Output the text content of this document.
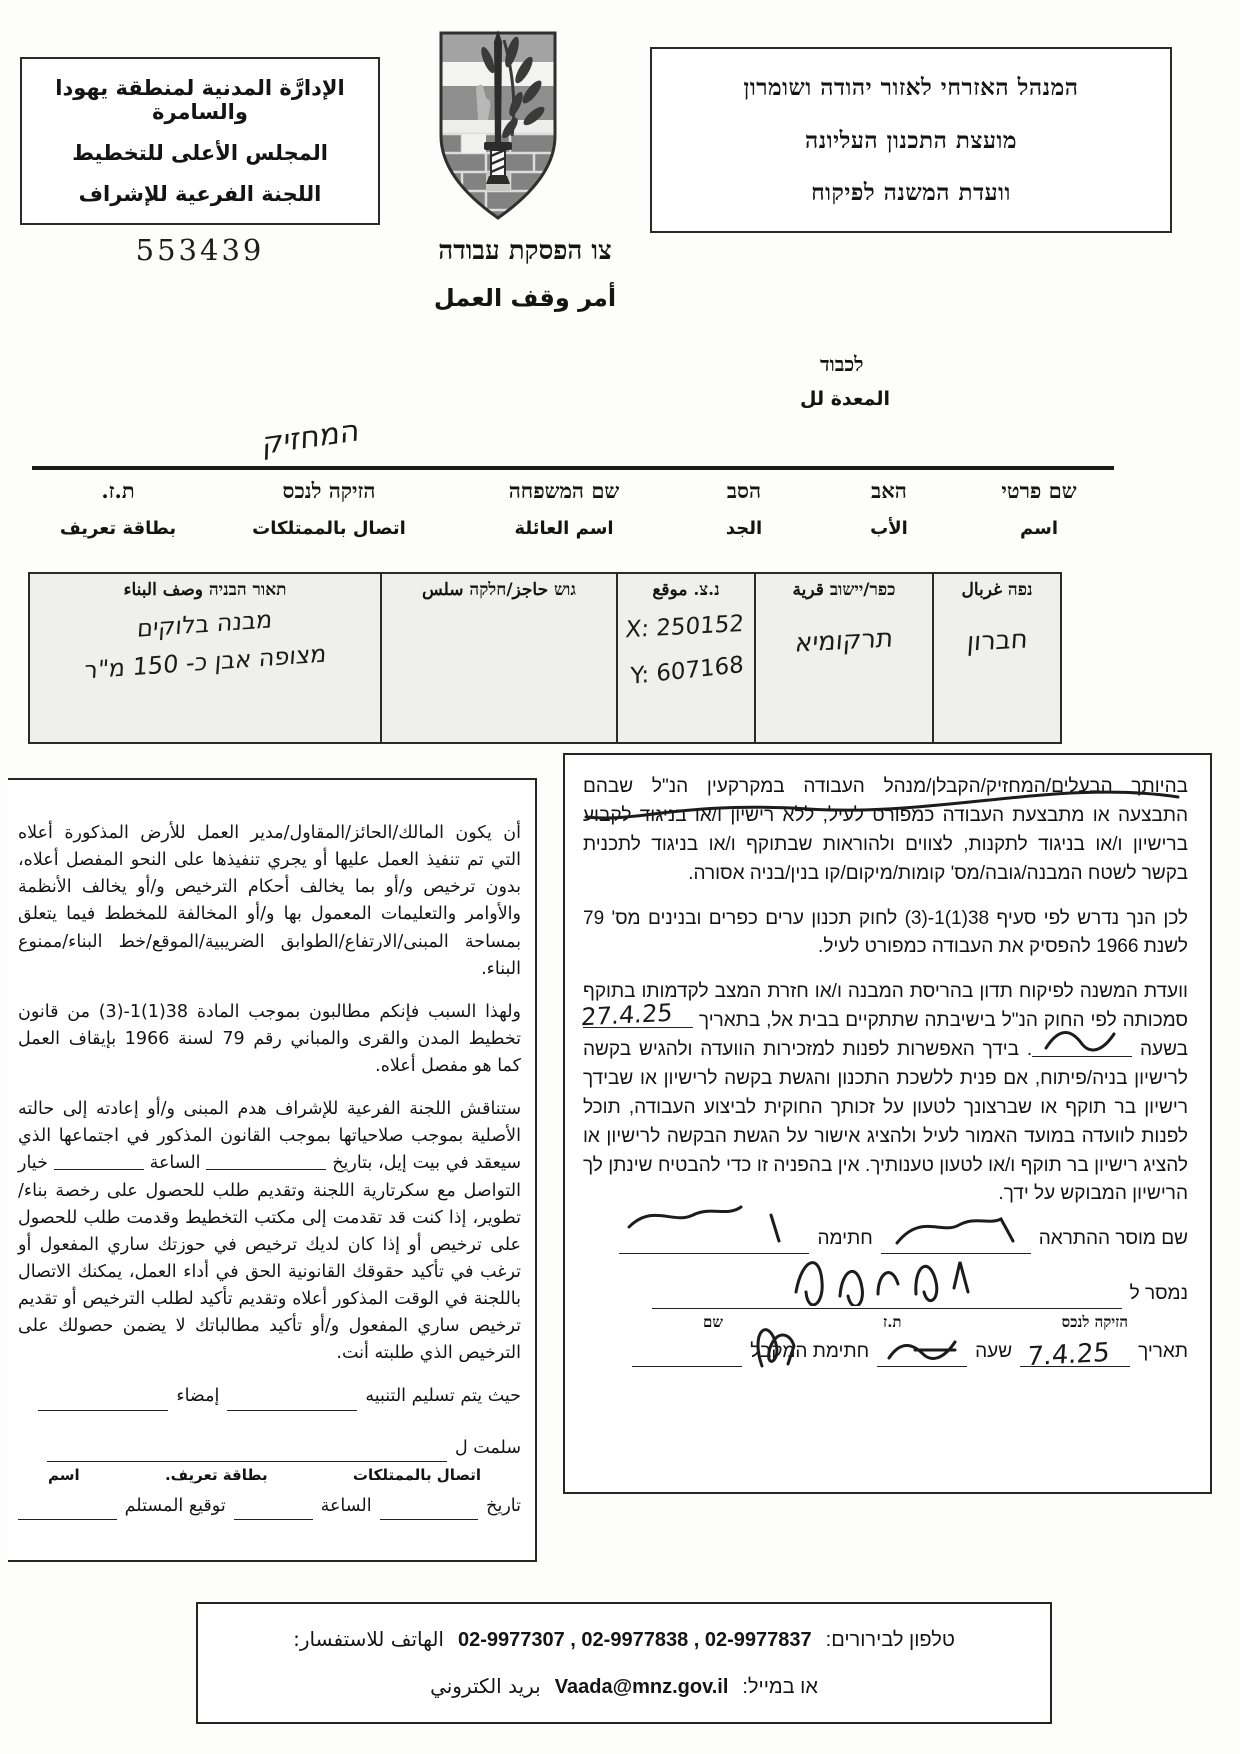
الإدارَّة المدنية لمنطقة يهودا والسامرة
المجلس الأعلى للتخطيط
اللجنة الفرعية للإشراف
המנהל האזרחי לאזור יהודה ושומרון
מועצת התכנון העליונה
וועדת המשנה לפיקוח
553439	צו הפסקת עבודה
أمر وقف العمل
לכבוד
المعدة لل
המחזיק
שם פרטי
اسم
האב
الأب
הסב
الجد
שם המשפחה
اسم العائلة
הזיקה לנכס
اتصال بالممتلكات
ת.ז.
بطاقة تعريف
נפה غربال
חברון
כפר/יישוב قرية
תרקומיא
נ.צ. موقع
X: 250152
Y: 607168
גוש حاجز/חלקה سلس
תאור הבניה وصف البناء
מבנה בלוקים מצופה אבן כ- 150 מ"ר

בהיותך הבעלים/המחזיק/הקבלן/מנהל העבודה במקרקעין הנ"ל שבהם התבצעה או מתבצעת העבודה כמפורט לעיל, ללא רישיון ו/או בניגוד לקבוע ברישיון ו/או בניגוד לתקנות, לצווים ולהוראות שבתוקף ו/או בניגוד לתכנית בקשר לשטח המבנה/גובה/מס' קומות/מיקום/קו בנין/בניה אסורה.

לכן הנך נדרש לפי סעיף 38(1)1-(3) לחוק תכנון ערים כפרים ובנינים מס' 79 לשנת 1966 להפסיק את העבודה כמפורט לעיל.

וועדת המשנה לפיקוח תדון בהריסת המבנה ו/או חזרת המצב לקדמותו בתוקף סמכותה לפי החוק הנ"ל בישיבתה שתתקיים בבית אל, בתאריך
27.4.25
בשעה
. בידך האפשרות לפנות למזכירות הוועדה ולהגיש בקשה לרישיון בניה/פיתוח, אם פנית ללשכת התכנון והגשת בקשה לרישיון או שבידך רישיון בר תוקף או שברצונך לטעון על זכותך החוקית לביצוע העבודה, תוכל לפנות לוועדה במועד האמור לעיל ולהציג אישור על הגשת הבקשה לרישיון או להציג רישיון בר תוקף ו/או לטעון טענותיך. אין בהפניה זו כדי להבטיח שינתן לך הרישיון המבוקש על ידך.

שם מוסר ההתראה
חתימה
נמסר ל
הזיקה לנכס
ת.ז
שם
תאריך
7.4.25
שעה
חתימת המקבל

أن يكون المالك/الحائز/المقاول/مدير العمل للأرض المذكورة أعلاه التي تم تنفيذ العمل عليها أو يجري تنفيذها على النحو المفصل أعلاه، بدون ترخيص و/أو بما يخالف أحكام الترخيص و/أو يخالف الأنظمة والأوامر والتعليمات المعمول بها و/أو المخالفة للمخطط فيما يتعلق بمساحة المبنى/الارتفاع/الطوابق الضريبية/الموقع/خط البناء/ممنوع البناء.

ولهذا السبب فإنكم مطالبون بموجب المادة 38(1)1-(3) من قانون تخطيط المدن والقرى والمباني رقم 79 لسنة 1966 بإيقاف العمل كما هو مفصل أعلاه.

ستناقش اللجنة الفرعية للإشراف هدم المبنى و/أو إعادته إلى حالته الأصلية بموجب صلاحياتها بموجب القانون المذكور في اجتماعها الذي سيعقد في بيت إيل، بتاريخ  الساعة  خيار التواصل مع سكرتارية اللجنة وتقديم طلب للحصول على رخصة بناء/ تطوير، إذا كنت قد تقدمت إلى مكتب التخطيط وقدمت طلب للحصول على ترخيص أو إذا كان لديك ترخيص في حوزتك ساري المفعول أو ترغب في تأكيد حقوقك القانونية الحق في أداء العمل، يمكنك الاتصال باللجنة في الوقت المذكور أعلاه وتقديم تأكيد لطلب الترخيص أو تقديم ترخيص ساري المفعول و/أو تأكيد مطالباتك لا يضمن حصولك على الترخيص الذي طلبته أنت.

حيث يتم تسليم التنبيه
إمضاء
سلمت ل
اتصال بالممتلكات
بطاقة تعريف.
اسم
تاريخ
الساعة
توقيع المستلم
טלפון לבירורים:
02-9977307 , 02-9977838 , 02-9977837
الهاتف للاستفسار:
או במייל:
Vaada@mnz.gov.il
بريد الكتروني
